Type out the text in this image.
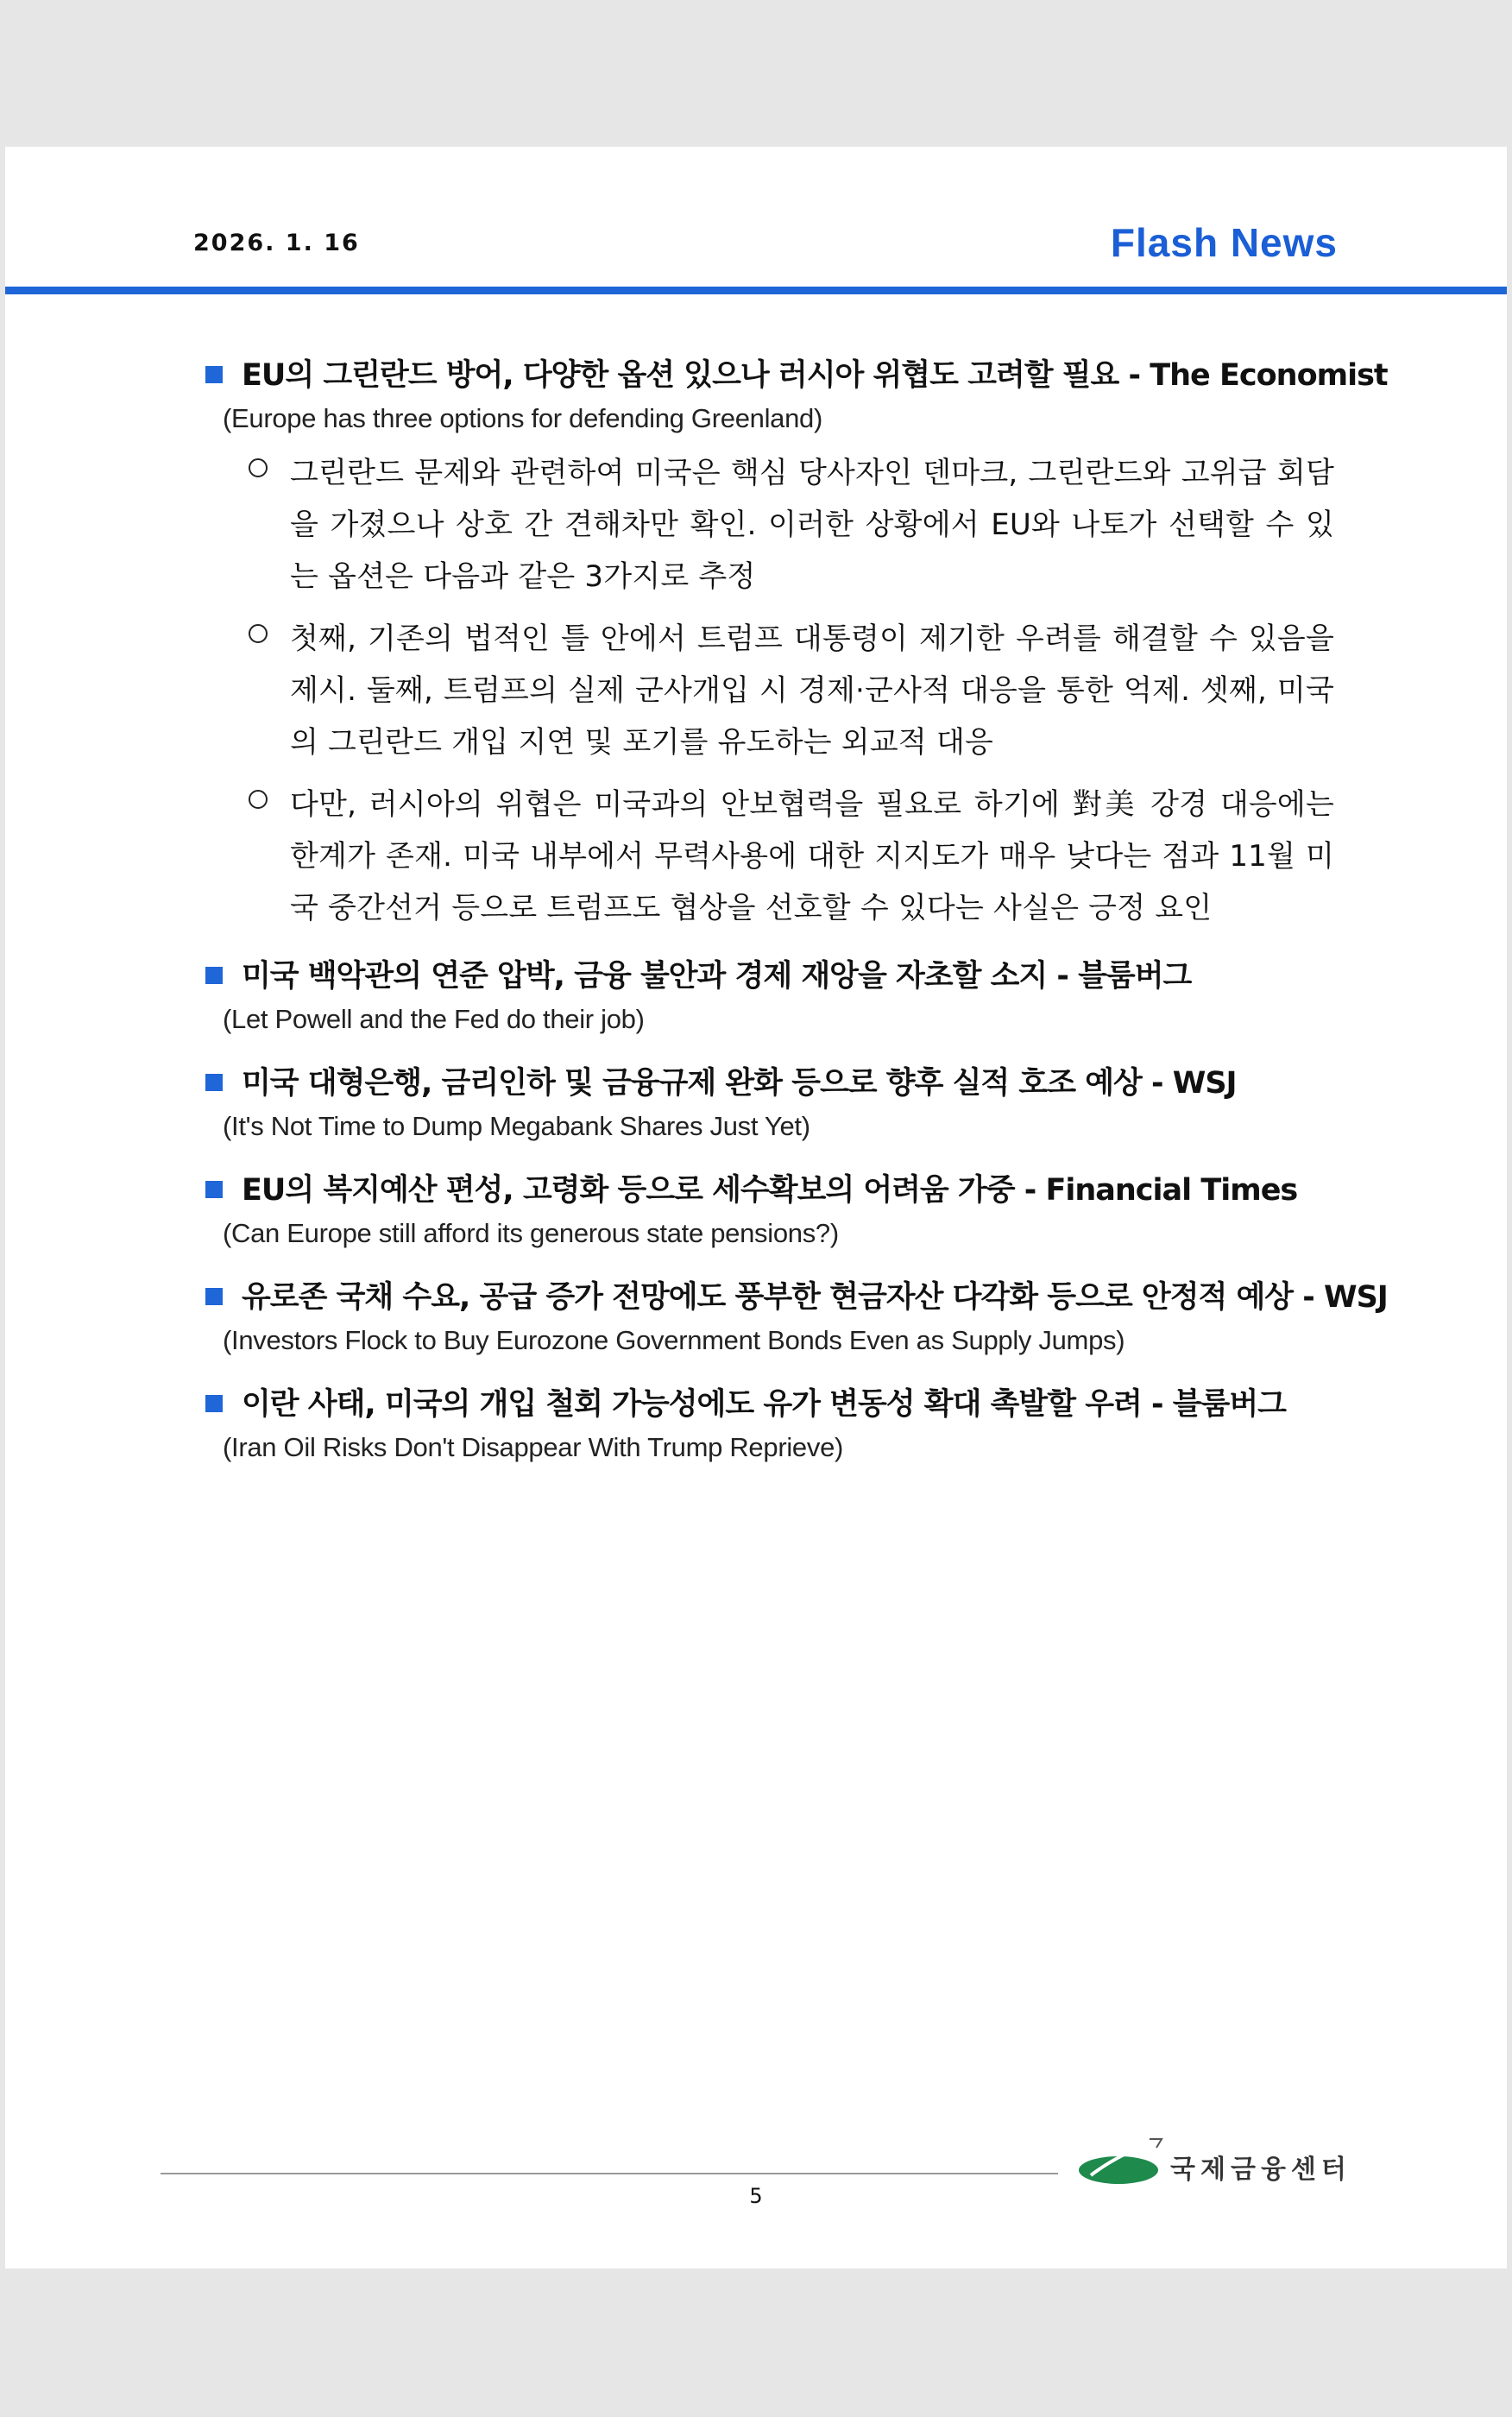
2026. 1. 16	Flash News
EU의 그린란드 방어, 다양한 옵션 있으나 러시아 위협도 고려할 필요 - The Economist
(Europe has three options for defending Greenland)
그린란드 문제와 관련하여 미국은 핵심 당사자인 덴마크, 그린란드와 고위급 회담을 가졌으나 상호 간 견해차만 확인. 이러한 상황에서 EU와 나토가 선택할 수 있는 옵션은 다음과 같은 3가지로 추정
첫째, 기존의 법적인 틀 안에서 트럼프 대통령이 제기한 우려를 해결할 수 있음을 제시. 둘째, 트럼프의 실제 군사개입 시 경제·군사적 대응을 통한 억제. 셋째, 미국의 그린란드 개입 지연 및 포기를 유도하는 외교적 대응
다만, 러시아의 위협은 미국과의 안보협력을 필요로 하기에 對美 강경 대응에는 한계가 존재. 미국 내부에서 무력사용에 대한 지지도가 매우 낮다는 점과 11월 미국 중간선거 등으로 트럼프도 협상을 선호할 수 있다는 사실은 긍정 요인
미국 백악관의 연준 압박, 금융 불안과 경제 재앙을 자초할 소지 - 블룸버그
(Let Powell and the Fed do their job)
미국 대형은행, 금리인하 및 금융규제 완화 등으로 향후 실적 호조 예상 - WSJ
(It's Not Time to Dump Megabank Shares Just Yet)
EU의 복지예산 편성, 고령화 등으로 세수확보의 어려움 가중 - Financial Times
(Can Europe still afford its generous state pensions?)
유로존 국채 수요, 공급 증가 전망에도 풍부한 현금자산 다각화 등으로 안정적 예상 - WSJ
(Investors Flock to Buy Eurozone Government Bonds Even as Supply Jumps)
이란 사태, 미국의 개입 철회 가능성에도 유가 변동성 확대 촉발할 우려 - 블룸버그
(Iran Oil Risks Don't Disappear With Trump Reprieve)
5
국제금융센터
